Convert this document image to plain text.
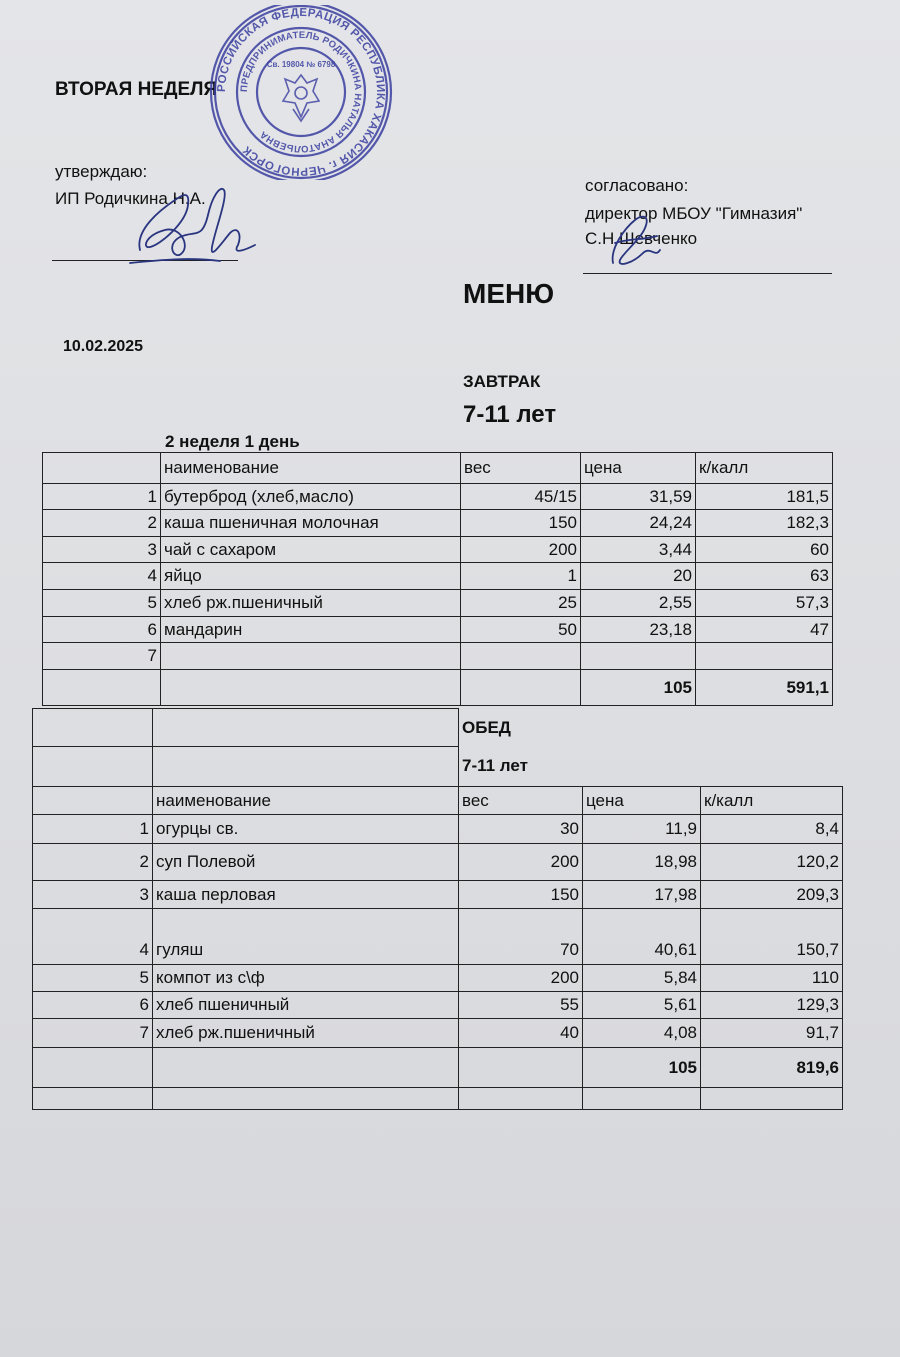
ВТОРАЯ НЕДЕЛЯ
утверждаю:
ИП Родичкина Н.А.
согласовано:
директор МБОУ "Гимназия"
С.Н.Шевченко
МЕНЮ
10.02.2025
ЗАВТРАК
7-11 лет
2 неделя 1 день
	наименование	вес	цена	к/калл
1	бутерброд (хлеб,масло)	45/15	31,59	181,5
2	каша пшеничная молочная	150	24,24	182,3
3	чай с сахаром	200	3,44	60
4	яйцо	1	20	63
5	хлеб рж.пшеничный	25	2,55	57,3
6	мандарин	50	23,18	47
7				
			105	591,1
		ОБЕД		
		7-11 лет		
	наименование	вес	цена	к/калл
1	огурцы св.	30	11,9	8,4
2	суп Полевой	200	18,98	120,2
3	каша перловая	150	17,98	209,3
4	гуляш	70	40,61	150,7
5	компот из с\ф	200	5,84	110
6	хлеб пшеничный	55	5,61	129,3
7	хлеб рж.пшеничный	40	4,08	91,7
			105	819,6

РОССИЙСКАЯ ФЕДЕРАЦИЯ РЕСПУБЛИКА ХАКАСИЯ г. ЧЕРНОГОРСК
ПРЕДПРИНИМАТЕЛЬ РОДИЧКИНА НАТАЛЬЯ АНАТОЛЬЕВНА
Св. 19804 № 6798
